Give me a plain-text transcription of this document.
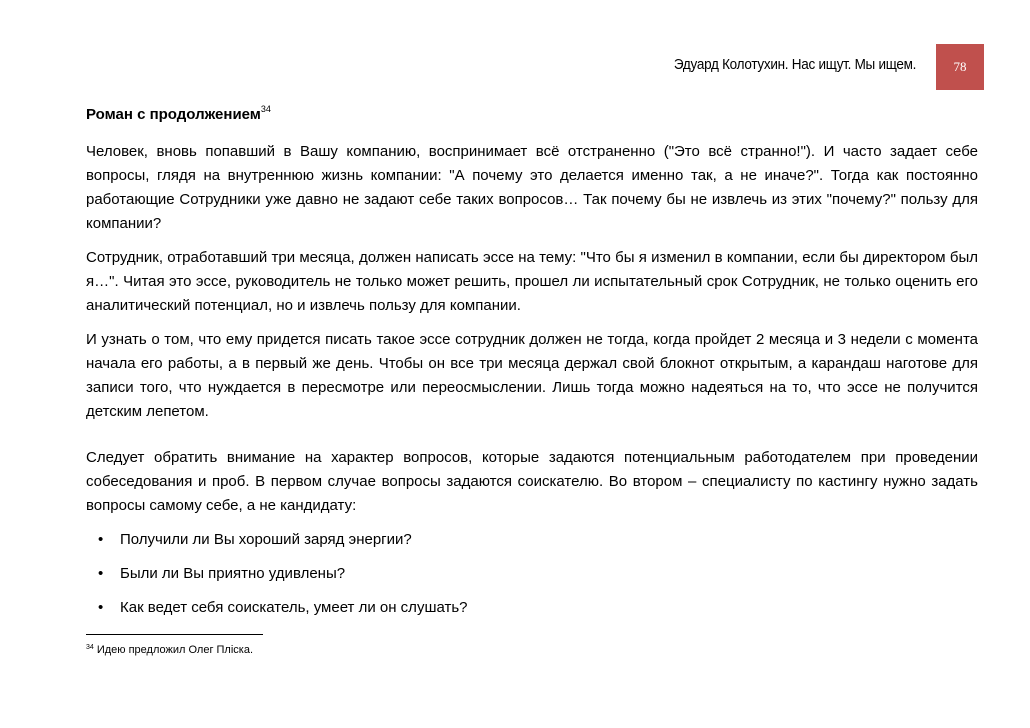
Эдуард Колотухин. Нас ищут. Мы ищем.	78
Роман с продолжением$^{34}$

Человек, вновь попавший в Вашу компанию, воспринимает всё отстраненно ("Это всё странно!"). И часто задает себе вопросы, глядя на внутреннюю жизнь компании: "А почему это делается именно так, а не иначе?". Тогда как постоянно работающие Сотрудники уже давно не задают себе таких вопросов… Так почему бы не извлечь из этих "почему?" пользу для компании?

Сотрудник, отработавший три месяца, должен написать эссе на тему: "Что бы я изменил в компании, если бы директором был я…". Читая это эссе, руководитель не только может решить, прошел ли испытательный срок Сотрудник, не только оценить его аналитический потенциал, но и извлечь пользу для компании.

И узнать о том, что ему придется писать такое эссе сотрудник должен не тогда, когда пройдет 2 месяца и 3 недели с момента начала его работы, а в первый же день. Чтобы он все три месяца держал свой блокнот открытым, а карандаш наготове для записи того, что нуждается в пересмотре или переосмыслении. Лишь тогда можно надеяться на то, что эссе не получится детским лепетом.

Следует обратить внимание на характер вопросов, которые задаются потенциальным работодателем при проведении собеседования и проб. В первом случае вопросы задаются соискателю. Во втором – специалисту по кастингу нужно задать вопросы самому себе, а не кандидату:

•	Получили ли Вы хороший заряд энергии?
•	Были ли Вы приятно удивлены?
•	Как ведет себя соискатель, умеет ли он слушать?
$^{34}$ Идею предложил Олег Пліска.
